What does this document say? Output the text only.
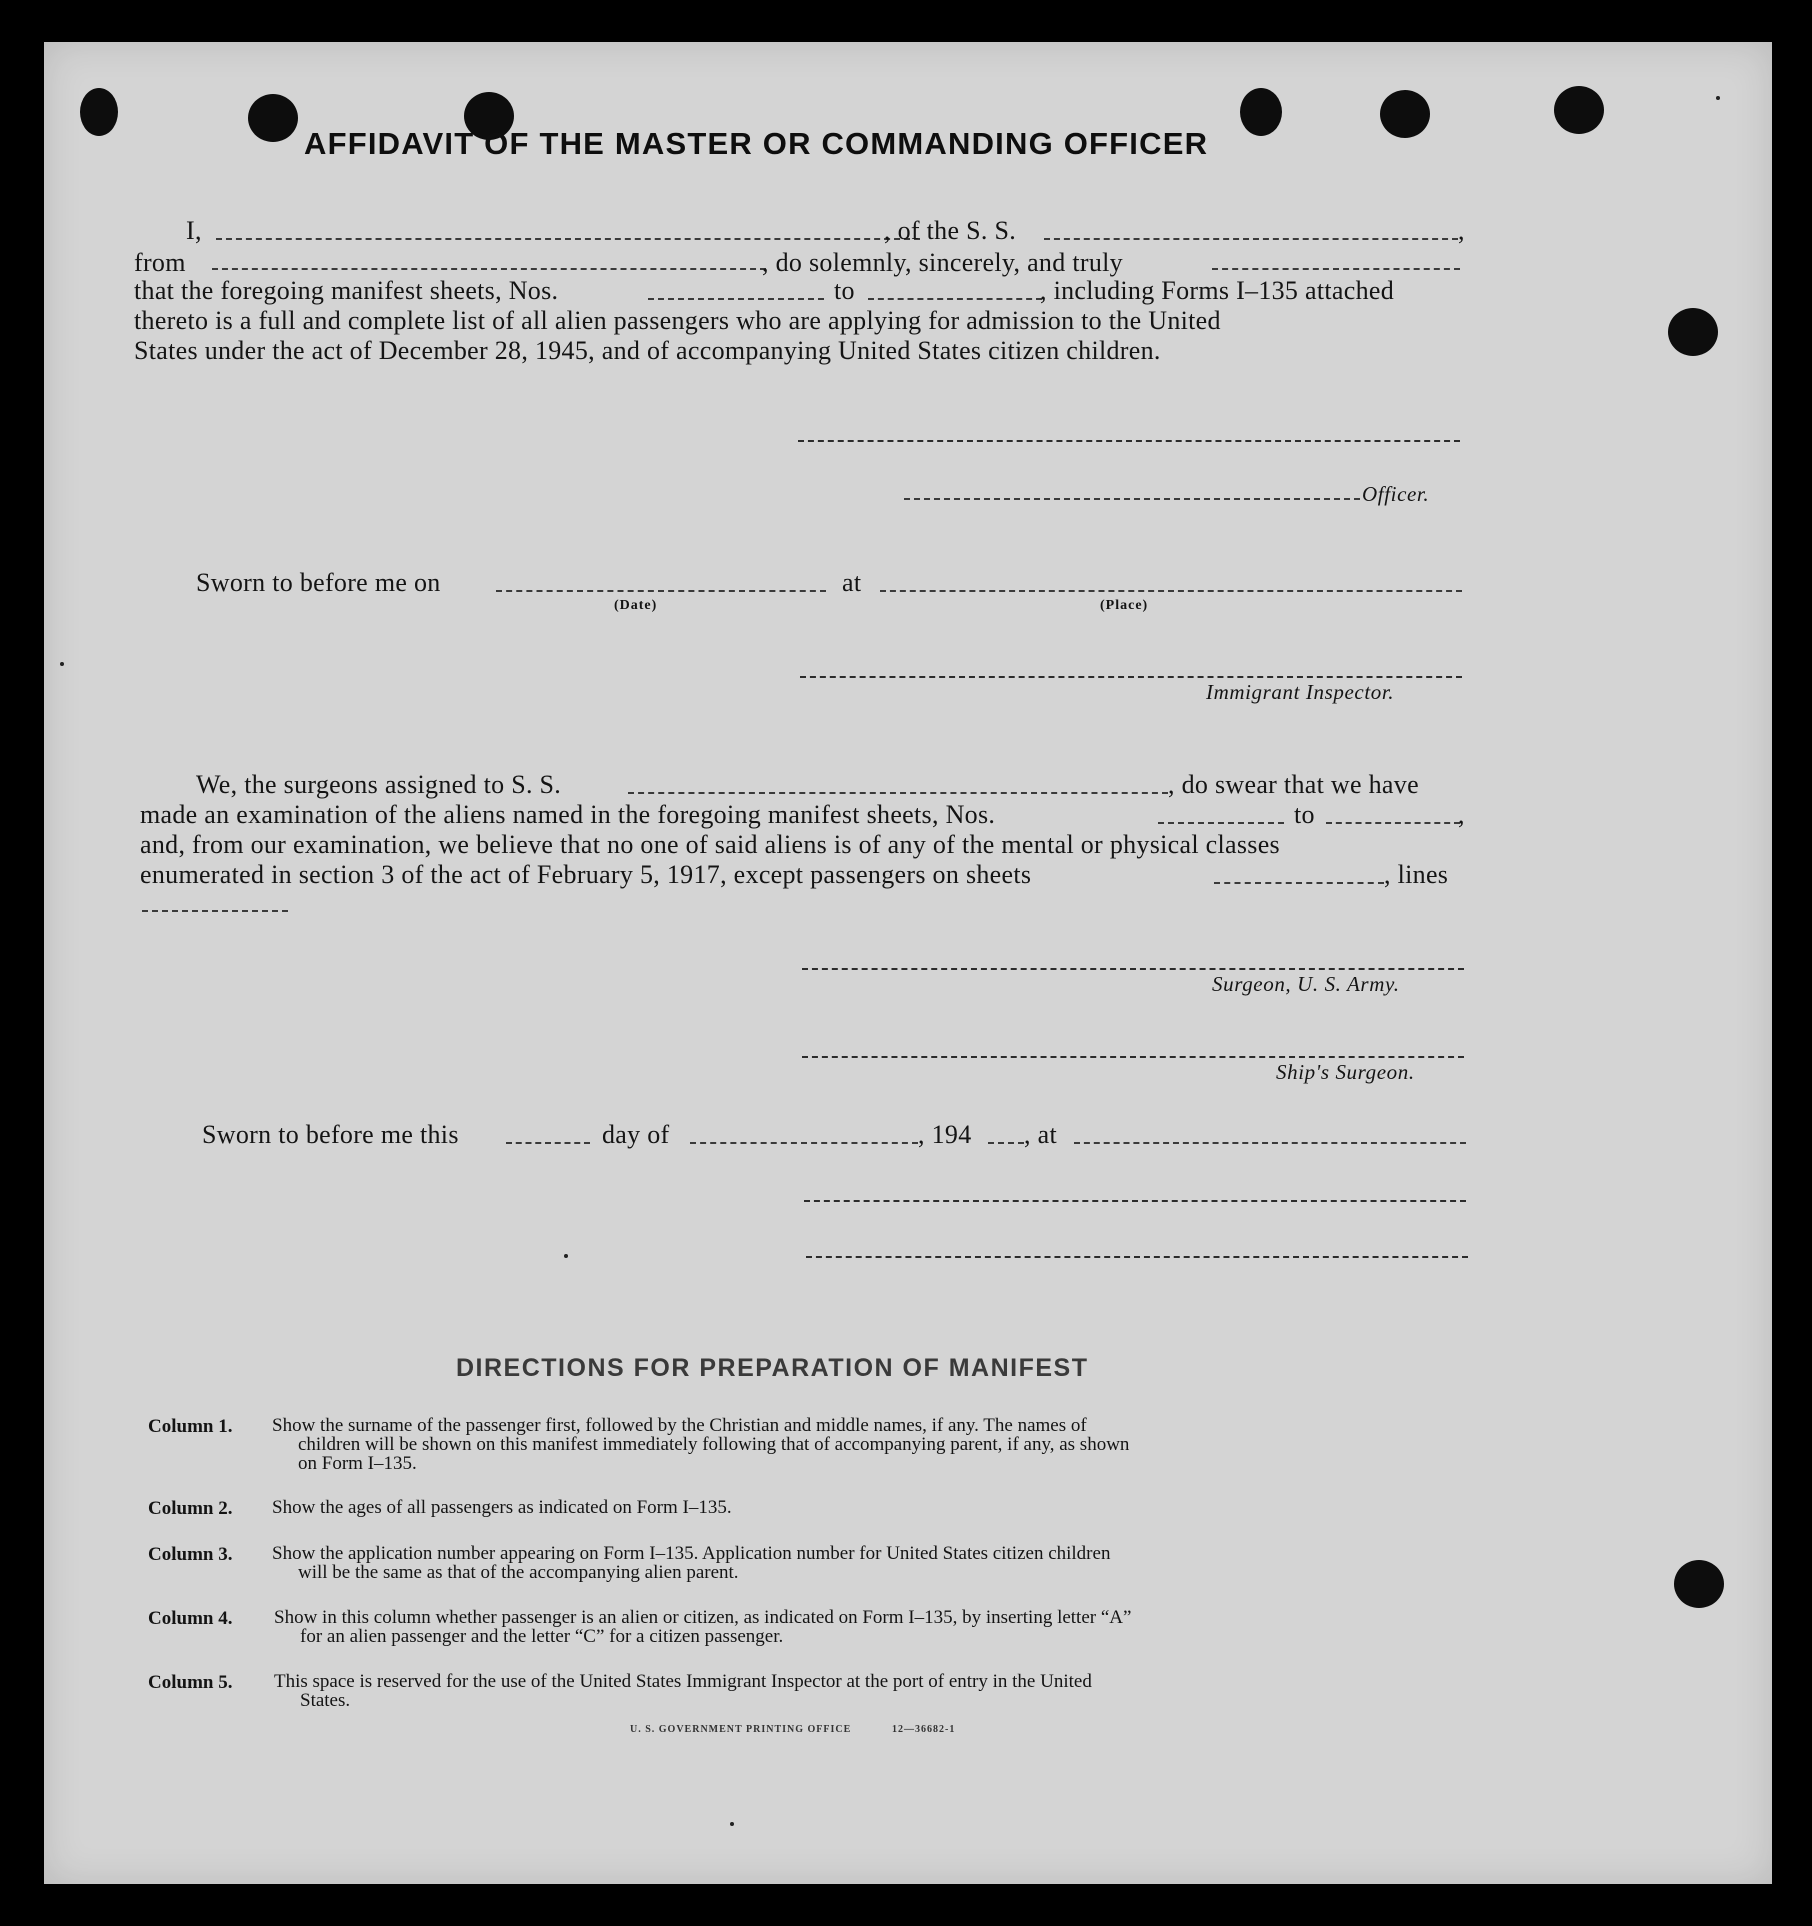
AFFIDAVIT OF THE MASTER OR COMMANDING OFFICER
I,	, of the S. S.	,
from	, do solemnly, sincerely, and truly
that the foregoing manifest sheets, Nos.	to	, including Forms I–135 attached
thereto is a full and complete list of all alien passengers who are applying for admission to the United
States under the act of December 28, 1945, and of accompanying United States citizen children.
Officer.
Sworn to before me on
(Date)
at
(Place)
Immigrant Inspector.
We, the surgeons assigned to S. S.	, do swear that we have
made an examination of the aliens named in the foregoing manifest sheets, Nos.	to	,
and, from our examination, we believe that no one of said aliens is of any of the mental or physical classes
enumerated in section 3 of the act of February 5, 1917, except passengers on sheets	, lines
Surgeon, U. S. Army.
Ship's Surgeon.
Sworn to before me this	day of	, 194 , at
DIRECTIONS FOR PREPARATION OF MANIFEST
Column 1. Show the surname of the passenger first, followed by the Christian and middle names, if any. The names of
children will be shown on this manifest immediately following that of accompanying parent, if any, as shown
on Form I–135.
Column 2. Show the ages of all passengers as indicated on Form I–135.
Column 3. Show the application number appearing on Form I–135. Application number for United States citizen children
will be the same as that of the accompanying alien parent.
Column 4. Show in this column whether passenger is an alien or citizen, as indicated on Form I–135, by inserting letter “A”
for an alien passenger and the letter “C” for a citizen passenger.
Column 5. This space is reserved for the use of the United States Immigrant Inspector at the port of entry in the United
States.
U. S. GOVERNMENT PRINTING OFFICE	12—36682-1
